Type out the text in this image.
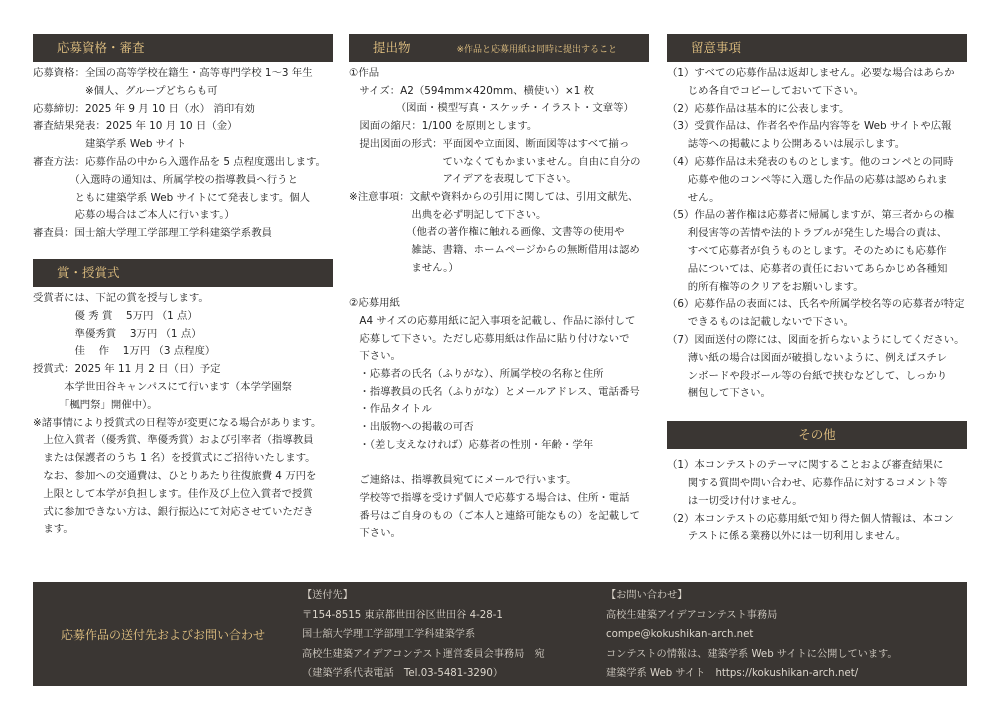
応募資格・審査
応募資格：全国の高等学校在籍生・高等専門学校 1～3 年生
　　　　　※個人、グループどちらも可
応募締切：2025 年 9 月 10 日（水） 消印有効
審査結果発表：2025 年 10 月 10 日（金）
　　　　　建築学系 Web サイト
審査方法：応募作品の中から入選作品を 5 点程度選出します。
　　　　（入選時の通知は、所属学校の指導教員へ行うと
　　　　ともに建築学系 Web サイトにて発表します。個人
　　　　応募の場合はご本人に行います。）
審査員：国士舘大学理工学部理工学科建築学系教員
賞・授賞式
受賞者には、下記の賞を授与します。
　　　　優 秀 賞　 5万円 （1 点）
　　　　準優秀賞　 3万円 （1 点）
　　　　佳　 作　 1万円 （3 点程度）
授賞式：2025 年 11 月 2 日（日）予定
　　　本学世田谷キャンパスにて行います（本学学園祭
　　　「楓門祭」開催中）。
※諸事情により授賞式の日程等が変更になる場合があります。
　上位入賞者（優秀賞、準優秀賞）および引率者（指導教員
　または保護者のうち 1 名）を授賞式にご招待いたします。
　なお、参加への交通費は、ひとりあたり往復旅費 4 万円を
　上限として本学が負担します。佳作及び上位入賞者で授賞
　式に参加できない方は、銀行振込にて対応させていただき
　ます。
提出物	※作品と応募用紙は同時に提出すること
①作品
　サイズ：A2（594mm×420mm、横使い）×1 枚
　　　　　（図面・模型写真・スケッチ・イラスト・文章等）
　図面の縮尺：1/100 を原則とします。
　提出図面の形式：平面図や立面図、断面図等はすべて揃っ
　　　　　　　　　ていなくてもかまいません。自由に自分の
　　　　　　　　　アイデアを表現して下さい。
※注意事項：文献や資料からの引用に関しては、引用文献先、
　　　　　　出典を必ず明記して下さい。
　　　　　　（他者の著作権に触れる画像、文書等の使用や
　　　　　　雑誌、書籍、ホームページからの無断借用は認め
　　　　　　ません。）
②応募用紙
　A4 サイズの応募用紙に記入事項を記載し、作品に添付して
　応募して下さい。ただし応募用紙は作品に貼り付けないで
　下さい。
　・応募者の氏名（ふりがな）、所属学校の名称と住所
　・指導教員の氏名（ふりがな）とメールアドレス、電話番号
　・作品タイトル
　・出版物への掲載の可否
　・（差し支えなければ）応募者の性別・年齢・学年
　ご連絡は、指導教員宛てにメールで行います。
　学校等で指導を受けず個人で応募する場合は、住所・電話
　番号はご自身のもの（ご本人と連絡可能なもの）を記載して
　下さい。
留意事項
（1）すべての応募作品は返却しません。必要な場合はあらか
　　じめ各自でコピーしておいて下さい。
（2）応募作品は基本的に公表します。
（3）受賞作品は、作者名や作品内容等を Web サイトや広報
　　誌等への掲載により公開あるいは展示します。
（4）応募作品は未発表のものとします。他のコンペとの同時
　　応募や他のコンペ等に入選した作品の応募は認められま
　　せん。
（5）作品の著作権は応募者に帰属しますが、第三者からの権
　　利侵害等の苦情や法的トラブルが発生した場合の責は、
　　すべて応募者が負うものとします。そのためにも応募作
　　品については、応募者の責任においてあらかじめ各種知
　　的所有権等のクリアをお願いします。
（6）応募作品の表面には、氏名や所属学校名等の応募者が特定
　　できるものは記載しないで下さい。
（7）図面送付の際には、図面を折らないようにしてください。
　　薄い紙の場合は図面が破損しないように、例えばスチレ
　　ンボードや段ボール等の台紙で挟むなどして、しっかり
　　梱包して下さい。
その他
（1）本コンテストのテーマに関することおよび審査結果に
　　関する質問や問い合わせ、応募作品に対するコメント等
　　は一切受け付けません。
（2）本コンテストの応募用紙で知り得た個人情報は、本コン
　　テストに係る業務以外には一切利用しません。
応募作品の送付先およびお問い合わせ
【送付先】
〒154-8515 東京都世田谷区世田谷 4-28-1
国士舘大学理工学部理工学科建築学系
高校生建築アイデアコンテスト運営委員会事務局　宛
（建築学系代表電話　Tel.03-5481-3290）
【お問い合わせ】
高校生建築アイデアコンテスト事務局
compe@kokushikan-arch.net
コンテストの情報は、建築学系 Web サイトに公開しています。
建築学系 Web サイト　https://kokushikan-arch.net/
